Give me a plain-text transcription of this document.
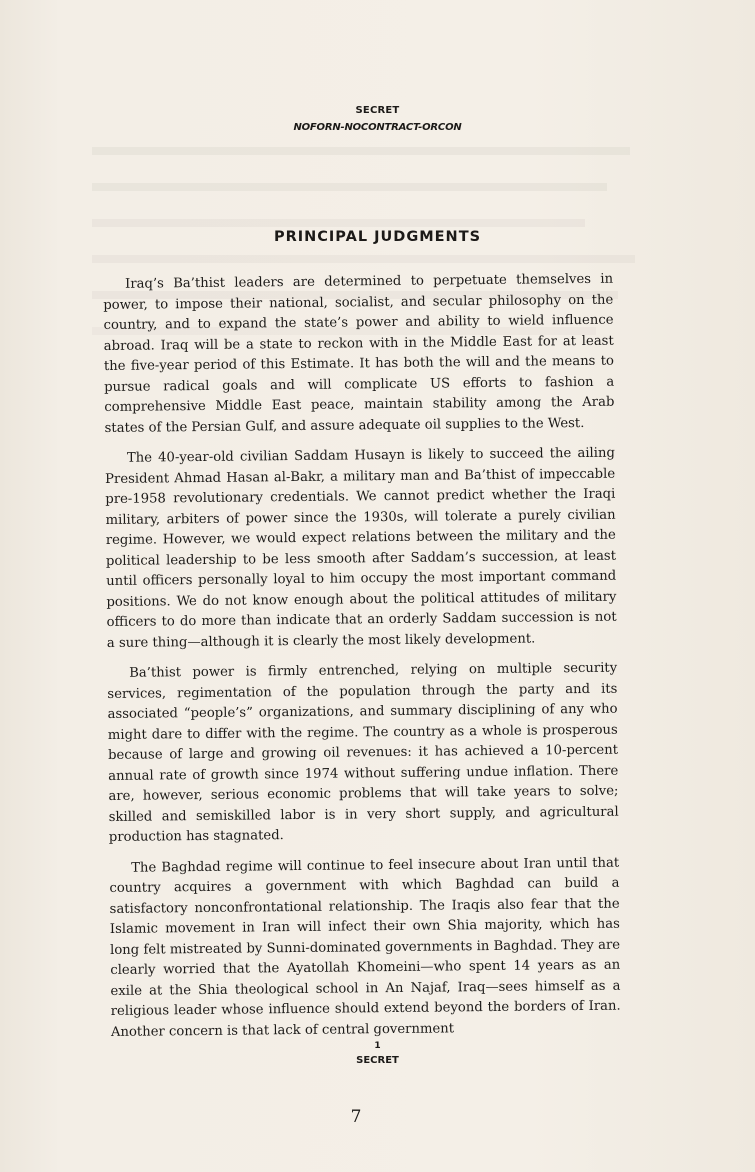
SECRET
NOFORN-NOCONTRACT-ORCON
PRINCIPAL JUDGMENTS

Iraq’s Ba’thist leaders are determined to perpetuate themselves in power, to impose their national, socialist, and secular philosophy on the country, and to expand the state’s power and ability to wield influence abroad. Iraq will be a state to reckon with in the Middle East for at least the five-year period of this Estimate. It has both the will and the means to pursue radical goals and will complicate US efforts to fashion a comprehensive Middle East peace, maintain stability among the Arab states of the Persian Gulf, and assure adequate oil supplies to the West.

The 40-year-old civilian Saddam Husayn is likely to succeed the ailing President Ahmad Hasan al-Bakr, a military man and Ba’thist of impeccable pre-1958 revolutionary credentials. We cannot predict whether the Iraqi military, arbiters of power since the 1930s, will tolerate a purely civilian regime. However, we would expect relations between the military and the political leadership to be less smooth after Saddam’s succession, at least until officers personally loyal to him occupy the most important command positions. We do not know enough about the political attitudes of military officers to do more than indicate that an orderly Saddam succession is not a sure thing—although it is clearly the most likely development.

Ba’thist power is firmly entrenched, relying on multiple security services, regimentation of the population through the party and its associated “people’s” organizations, and summary disciplining of any who might dare to differ with the regime. The country as a whole is prosperous because of large and growing oil revenues: it has achieved a 10-percent annual rate of growth since 1974 without suffering undue inflation. There are, however, serious economic problems that will take years to solve; skilled and semiskilled labor is in very short supply, and agricultural production has stagnated.

The Baghdad regime will continue to feel insecure about Iran until that country acquires a government with which Baghdad can build a satisfactory nonconfrontational relationship. The Iraqis also fear that the Islamic movement in Iran will infect their own Shia majority, which has long felt mistreated by Sunni-dominated governments in Baghdad. They are clearly worried that the Ayatollah Khomeini—who spent 14 years as an exile at the Shia theological school in An Najaf, Iraq—sees himself as a religious leader whose influence should extend beyond the borders of Iran. Another concern is that lack of central government

1
SECRET
7
